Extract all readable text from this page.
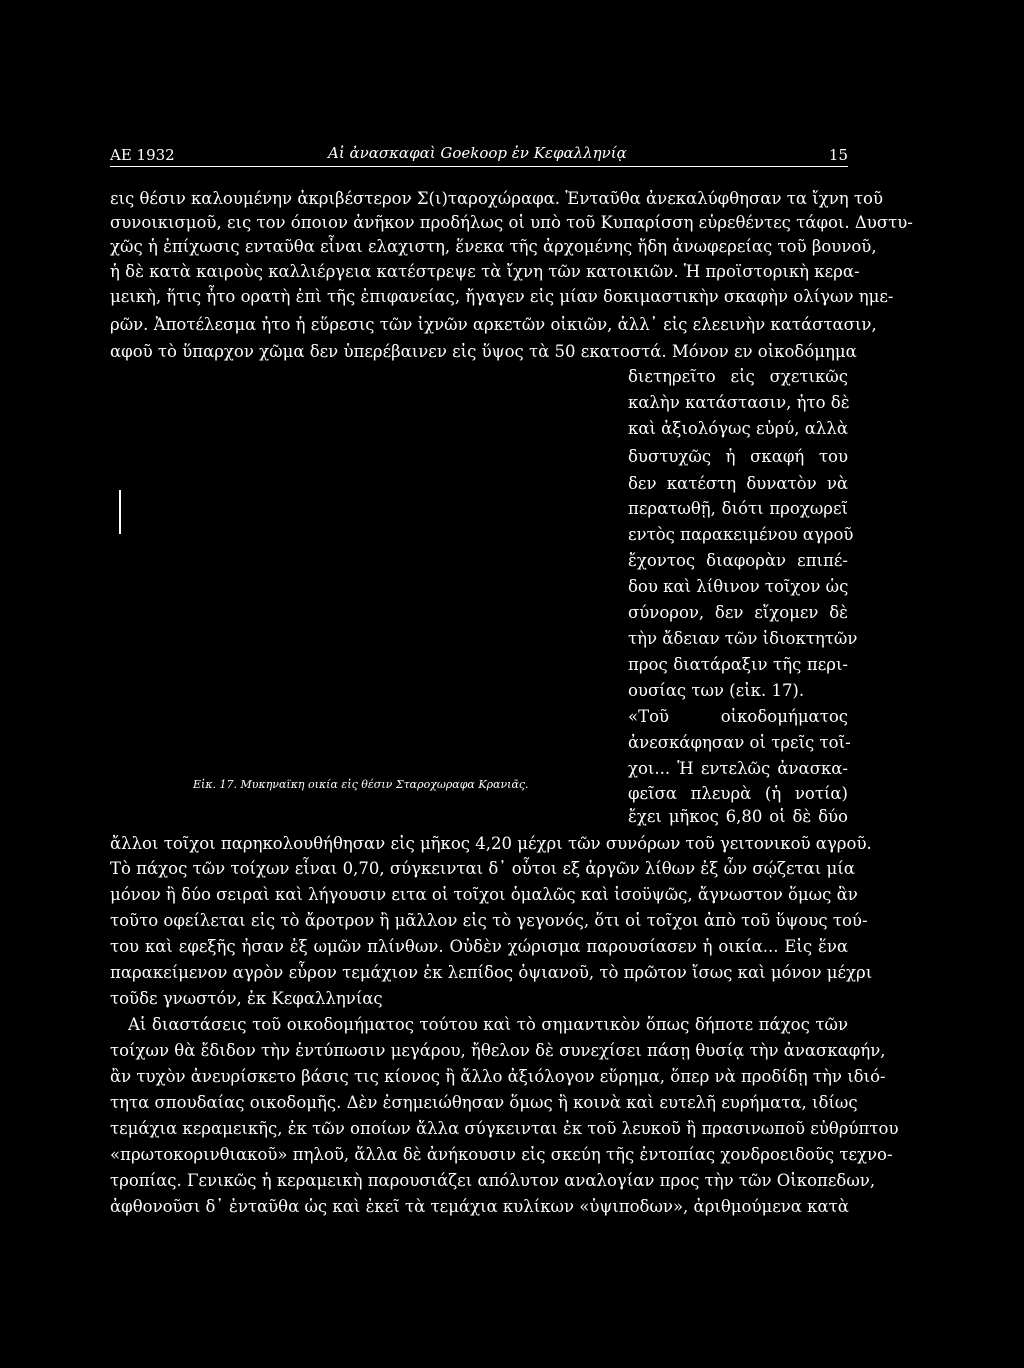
ΑΕ 1932	Αἱ ἀνασκαφαὶ Goekoop ἐν Κεφαλληνίᾳ	15
εις θέσιν καλουμένην ἀκριβέστερον Σ(ι)ταροχώραφα. Ἐνταῦθα ἀνεκαλύφθησαν τα ἴχνη τοῦ
συνοικισμοῦ, εις τον όποιον ἀνῆκον προδήλως οἱ υπὸ τοῦ Κυπαρίσση εὑρεθέντες τάφοι. Δυστυ-
χῶς ἡ ἐπίχωσις ενταῦθα εἶναι ελαχιστη, ἕνεκα τῆς ἀρχομένης ἤδη ἀνωφερείας τοῦ βουνοῦ,
ἡ δὲ κατὰ καιροὺς καλλιέργεια κατέστρεψε τὰ ἴχνη τῶν κατοικιῶν. Ἡ προϊστορικὴ κερα-
μεικὴ, ἥτις ἦτο ορατὴ ἐπὶ τῆς ἐπιφανείας, ἤγαγεν εἰς μίαν δοκιμαστικὴν σκαφὴν ολίγων ημε-
ρῶν. Ἀποτέλεσμα ἠτο ἡ εὕρεσις τῶν ἰχνῶν αρκετῶν οἰκιῶν, ἀλλ᾽ εἰς ελεεινὴν κατάστασιν,
αφοῦ τὸ ὕπαρχον χῶμα δεν ὑπερέβαινεν εἰς ὕψος τὰ 50 εκατοστά. Μόνον εν οἰκοδόμημα
Εἰκ. 17. Μυκηναϊκη οικία εἰς θέσιν Σταροχωραφα Κρανιᾶς.
διετηρεῖτο εἰς σχετικῶς
καλὴν κατάστασιν, ἠτο δὲ
καὶ ἀξιολόγως εὐρύ, αλλὰ
δυστυχῶς ἡ σκαφή του
δεν κατέστη δυνατὸν νὰ
περατωθῇ, διότι προχωρεῖ
εντὸς παρακειμένου αγροῦ
ἔχοντος διαφορὰν επιπέ-
δου καὶ λίθινον τοῖχον ὡς
σύνορον, δεν εἴχομεν δὲ
τὴν ἄδειαν τῶν ἰδιοκτητῶν
προς διατάραξιν τῆς περι-
ουσίας των (εἰκ. 17).
«Τοῦ οἰκοδομήματος
ἀνεσκάφησαν οἱ τρεῖς τοῖ-
χοι... Ἡ εντελῶς ἀνασκα-
φεῖσα πλευρὰ (ἡ νοτία)
ἔχει μῆκος 6,80 οἱ δὲ δύο
ἄλλοι τοῖχοι παρηκολουθήθησαν εἰς μῆκος 4,20 μέχρι τῶν συνόρων τοῦ γειτονικοῦ αγροῦ.
Τὸ πάχος τῶν τοίχων εἶναι 0,70, σύγκεινται δ᾽ οὗτοι εξ ἀργῶν λίθων ἐξ ὧν σῴζεται μία
μόνον ἢ δύο σειραὶ καὶ λήγουσιν ειτα οἱ τοῖχοι ὁμαλῶς καὶ ἰσοϋψῶς, ἄγνωστον ὅμως ἂν
τοῦτο οφείλεται εἰς τὸ ἄροτρον ἢ μᾶλλον εἰς τὸ γεγονός, ὅτι οἱ τοῖχοι ἀπὸ τοῦ ὕψους τού-
του καὶ εφεξῆς ἠσαν ἐξ ωμῶν πλίνθων. Οὐδὲν χώρισμα παρουσίασεν ἡ οικία... Εἰς ἕνα
παρακείμενον αγρὸν εὗρον τεμάχιον ἐκ λεπίδος ὀψιανοῦ, τὸ πρῶτον ἴσως καὶ μόνον μέχρι
τοῦδε γνωστόν, ἐκ Κεφαλληνίας
Αἱ διαστάσεις τοῦ οικοδομήματος τούτου καὶ τὸ σημαντικὸν ὅπως δήποτε πάχος τῶν
τοίχων θὰ ἔδιδον τὴν ἐντύπωσιν μεγάρου, ἤθελον δὲ συνεχίσει πάσῃ θυσίᾳ τὴν ἀνασκαφήν,
ἂν τυχὸν ἀνευρίσκετο βάσις τις κίονος ἢ ἄλλο ἀξιόλογον εὕρημα, ὅπερ νὰ προδίδῃ τὴν ιδιό-
τητα σπουδαίας οικοδομῆς. Δὲν ἐσημειώθησαν ὅμως ἢ κοινὰ καὶ ευτελῆ ευρήματα, ιδίως
τεμάχια κεραμεικῆς, ἐκ τῶν οποίων ἄλλα σύγκεινται ἐκ τοῦ λευκοῦ ἢ πρασινωποῦ εὐθρύπτου
«πρωτοκορινθιακοῦ» πηλοῦ, ἄλλα δὲ ἀνήκουσιν εἰς σκεύη τῆς ἐντοπίας χονδροειδοῦς τεχνο-
τροπίας. Γενικῶς ἡ κεραμεικὴ παρουσιάζει απόλυτον αναλογίαν προς τὴν τῶν Οἰκοπεδων,
ἀφθονοῦσι δ᾽ ἐνταῦθα ὡς καὶ ἐκεῖ τὰ τεμάχια κυλίκων «ὑψιποδων», ἀριθμούμενα κατὰ
